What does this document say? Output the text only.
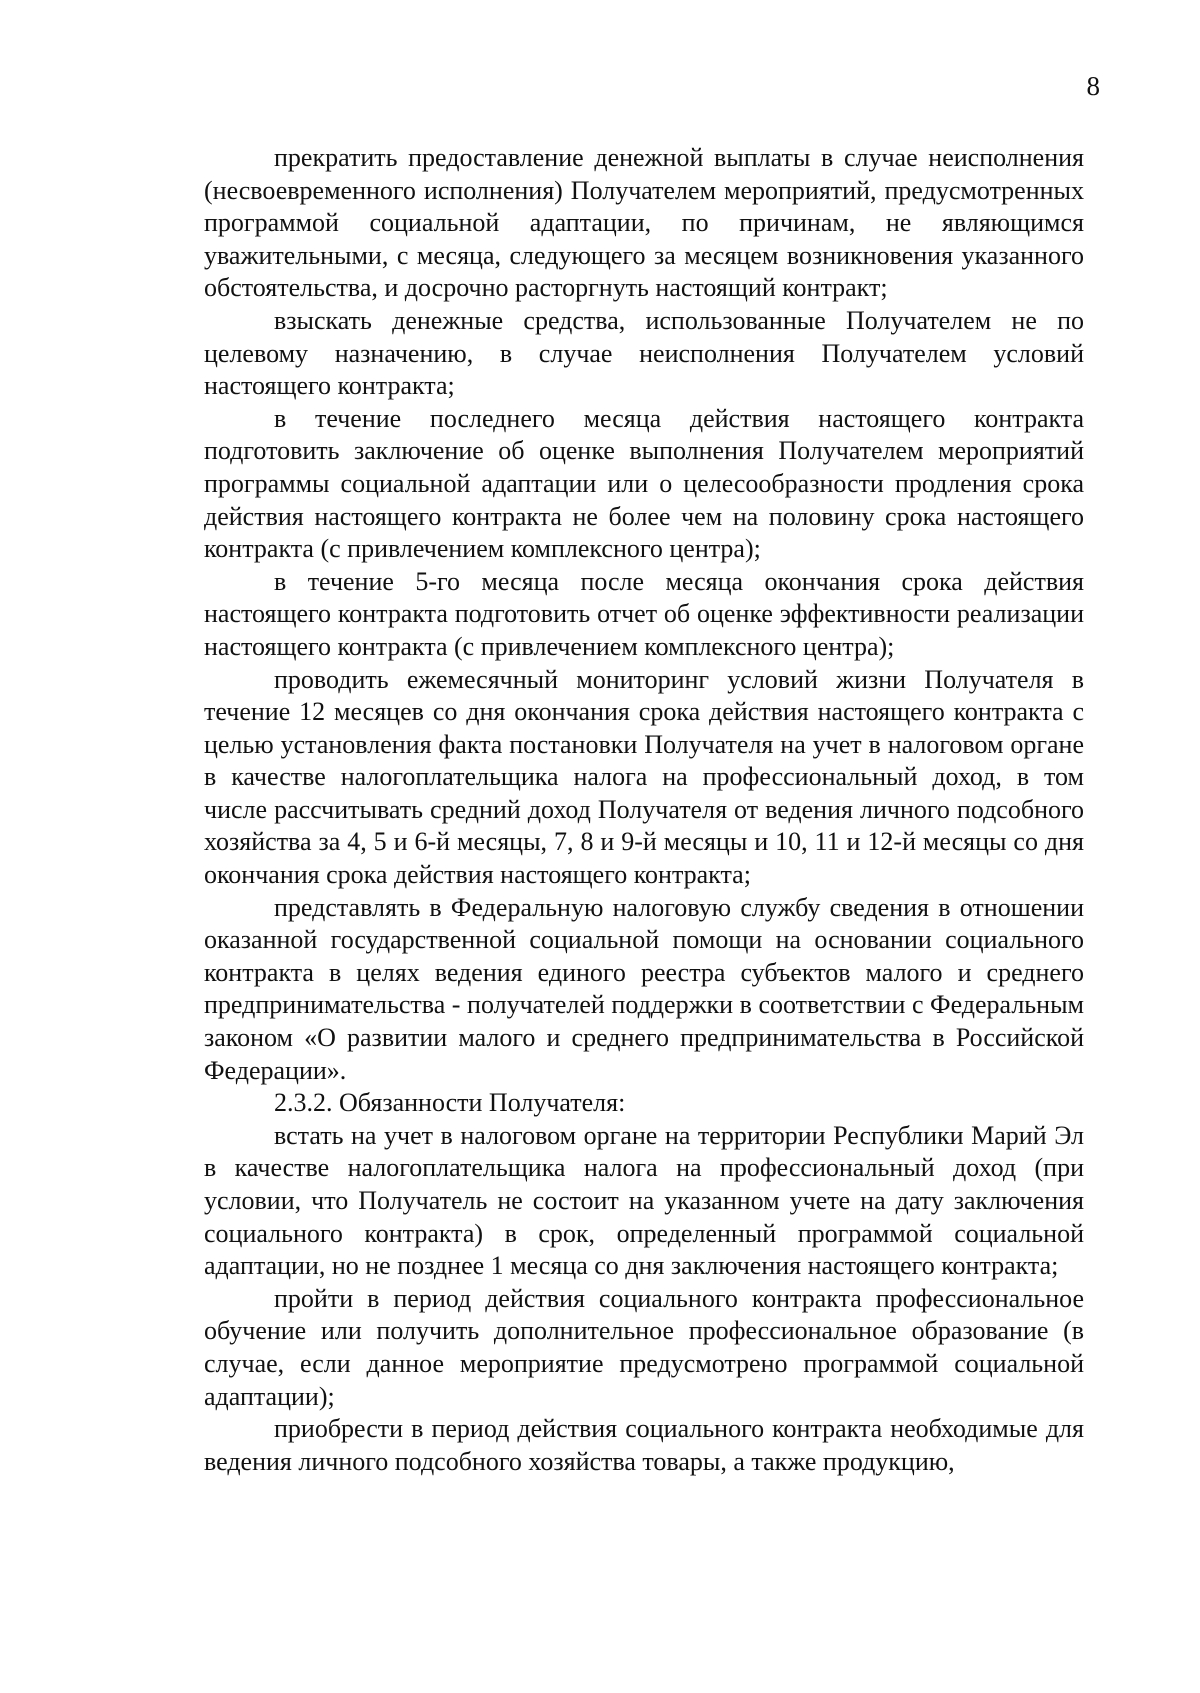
8

прекратить предоставление денежной выплаты в случае неисполнения (несвоевременного исполнения) Получателем мероприятий, предусмотренных программой социальной адаптации, по причинам, не являющимся уважительными, с месяца, следующего за месяцем возникновения указанного обстоятельства, и досрочно расторгнуть настоящий контракт;

взыскать денежные средства, использованные Получателем не по целевому назначению, в случае неисполнения Получателем условий настоящего контракта;

в течение последнего месяца действия настоящего контракта подготовить заключение об оценке выполнения Получателем мероприятий программы социальной адаптации или о целесообразности продления срока действия настоящего контракта не более чем на половину срока настоящего контракта (с привлечением комплексного центра);

в течение 5-го месяца после месяца окончания срока действия настоящего контракта подготовить отчет об оценке эффективности реализации настоящего контракта (с привлечением комплексного центра);

проводить ежемесячный мониторинг условий жизни Получателя в течение 12 месяцев со дня окончания срока действия настоящего контракта с целью установления факта постановки Получателя на учет в налоговом органе в качестве налогоплательщика налога на профессиональный доход, в том числе рассчитывать средний доход Получателя от ведения личного подсобного хозяйства за 4, 5 и 6-й месяцы, 7, 8 и 9-й месяцы и 10, 11 и 12-й месяцы со дня окончания срока действия настоящего контракта;

представлять в Федеральную налоговую службу сведения в отношении оказанной государственной социальной помощи на основании социального контракта в целях ведения единого реестра субъектов малого и среднего предпринимательства - получателей поддержки в соответствии с Федеральным законом «О развитии малого и среднего предпринимательства в Российской Федерации».

2.3.2. Обязанности Получателя:

встать на учет в налоговом органе на территории Республики Марий Эл в качестве налогоплательщика налога на профессиональный доход (при условии, что Получатель не состоит на указанном учете на дату заключения социального контракта) в срок, определенный программой социальной адаптации, но не позднее 1 месяца со дня заключения настоящего контракта;

пройти в период действия социального контракта профессиональное обучение или получить дополнительное профессиональное образование (в случае, если данное мероприятие предусмотрено программой социальной адаптации);

приобрести в период действия социального контракта необходимые для ведения личного подсобного хозяйства товары, а также продукцию,
